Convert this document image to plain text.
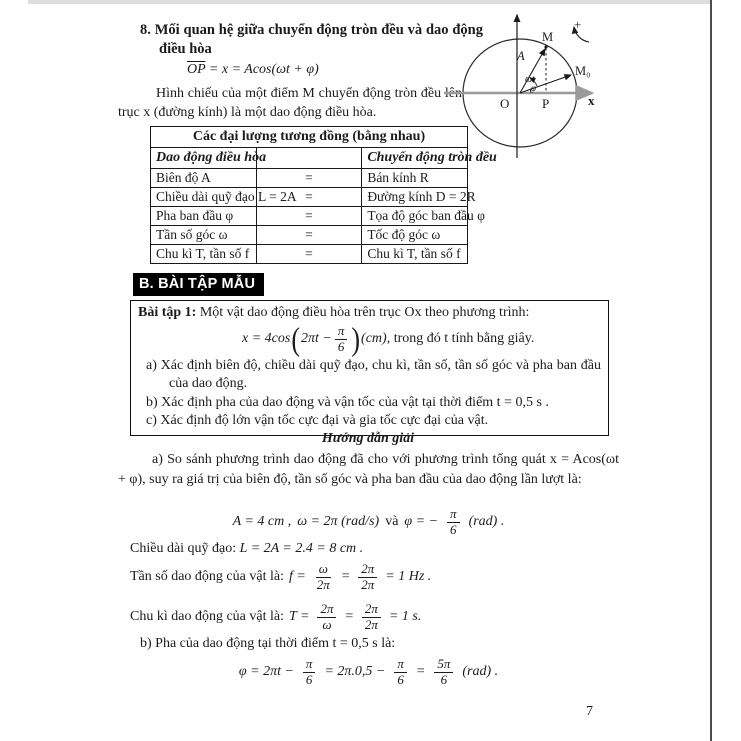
8. Mối quan hệ giữa chuyển động tròn đều và dao động điều hòa
$\overline{OP} = x = Acos(\omega t + \varphi)$
Hình chiếu của một điểm M chuyển động tròn đều lên trục x (đường kính) là một dao động điều hòa.
M
A
ωt
φ
M₀
O	P	x
+
Các đại lượng tương đồng (bằng nhau)		
Dao động điều hòa		Chuyển động tròn đều
Biên độ A	=	Bán kính R
Chiều dài quỹ đạo L = 2A	=	Đường kính D = 2R
Pha ban đầu φ	=	Tọa độ góc ban đầu φ
Tần số góc ω	=	Tốc độ góc ω
Chu kì T, tần số f	=	Chu kì T, tần số f
B. BÀI TẬP MẪU
Bài tập 1: Một vật dao động điều hòa trên trục Ox theo phương trình:
x = 4cos ( $2\pi t - \frac{\pi}{6}$ ) (cm) , trong đó t tính bằng giây.
a) Xác định biên độ, chiều dài quỹ đạo, chu kì, tần số, tần số góc và pha ban đầu của dao động.
b) Xác định pha của dao động và vận tốc của vật tại thời điểm t = 0,5 s .
c) Xác định độ lớn vận tốc cực đại và gia tốc cực đại của vật.
Hướng dẫn giải
a) So sánh phương trình dao động đã cho với phương trình tổng quát x = Acos(ωt + φ), suy ra giá trị của biên độ, tần số góc và pha ban đầu của dao động lần lượt là:
A = 4 cm , ω = 2π (rad/s) và φ = − $\frac{\pi}{6} (rad)$ .
Chiều dài quỹ đạo: L = 2A = 2.4 = 8 cm .
Tần số dao động của vật là: $f = \frac{\omega}{2\pi} = \frac{2\pi}{2\pi} = 1$ Hz .
Chu kì dao động của vật là: $T = \frac{2\pi}{\omega} = \frac{2\pi}{2\pi} = 1$ s.
b) Pha của dao động tại thời điểm t = 0,5 s là:
$\varphi = 2\pi t - \frac{\pi}{6} = 2\pi.0,5 - \frac{\pi}{6} = \frac{5\pi}{6} (rad)$ .
7
